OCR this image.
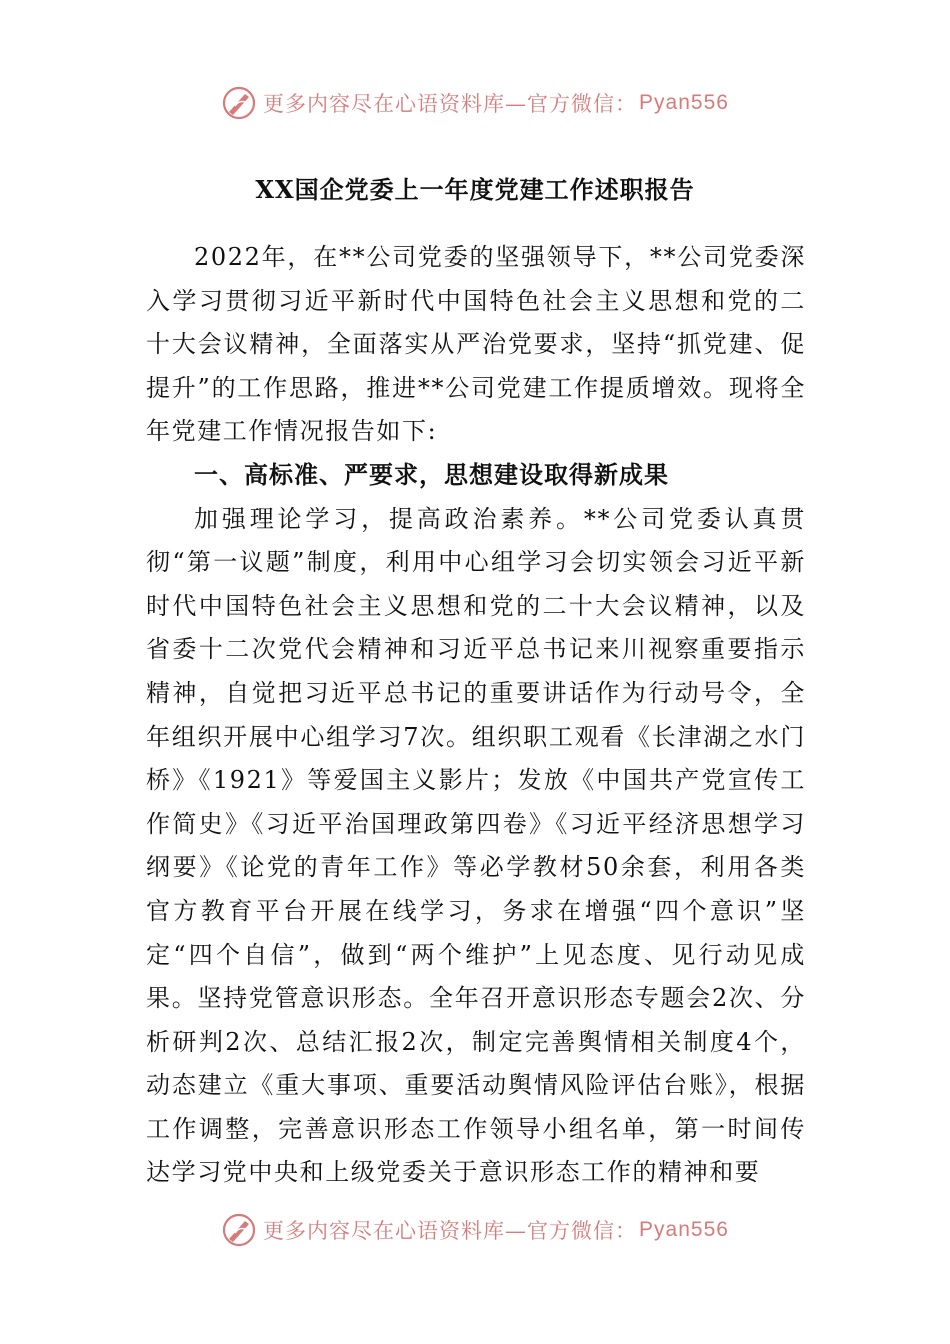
更多内容尽在心语资料库—官方微信： Pyan556
XX国企党委上一年度党建工作述职报告

2022年，在**公司党委的坚强领导下，**公司党委深入学习贯彻习近平新时代中国特色社会主义思想和党的二十大会议精神，全面落实从严治党要求，坚持“抓党建、促提升”的工作思路，推进**公司党建工作提质增效。现将全年党建工作情况报告如下:

一、高标准、严要求，思想建设取得新成果

加强理论学习，提高政治素养。**公司党委认真贯彻“第一议题”制度，利用中心组学习会切实领会习近平新时代中国特色社会主义思想和党的二十大会议精神，以及省委十二次党代会精神和习近平总书记来川视察重要指示精神，自觉把习近平总书记的重要讲话作为行动号令，全年组织开展中心组学习7次。组织职工观看《长津湖之水门桥》《1921》等爱国主义影片；发放《中国共产党宣传工作简史》《习近平治国理政第四卷》《习近平经济思想学习纲要》《论党的青年工作》等必学教材50余套，利用各类官方教育平台开展在线学习，务求在增强“四个意识”坚定“四个自信”，做到“两个维护”上见态度、见行动见成果。坚持党管意识形态。全年召开意识形态专题会2次、分析研判2次、总结汇报2次，制定完善舆情相关制度4个，动态建立《重大事项、重要活动舆情风险评估台账》，根据工作调整，完善意识形态工作领导小组名单，第一时间传达学习党中央和上级党委关于意识形态工作的精神和要

更多内容尽在心语资料库—官方微信： Pyan556
